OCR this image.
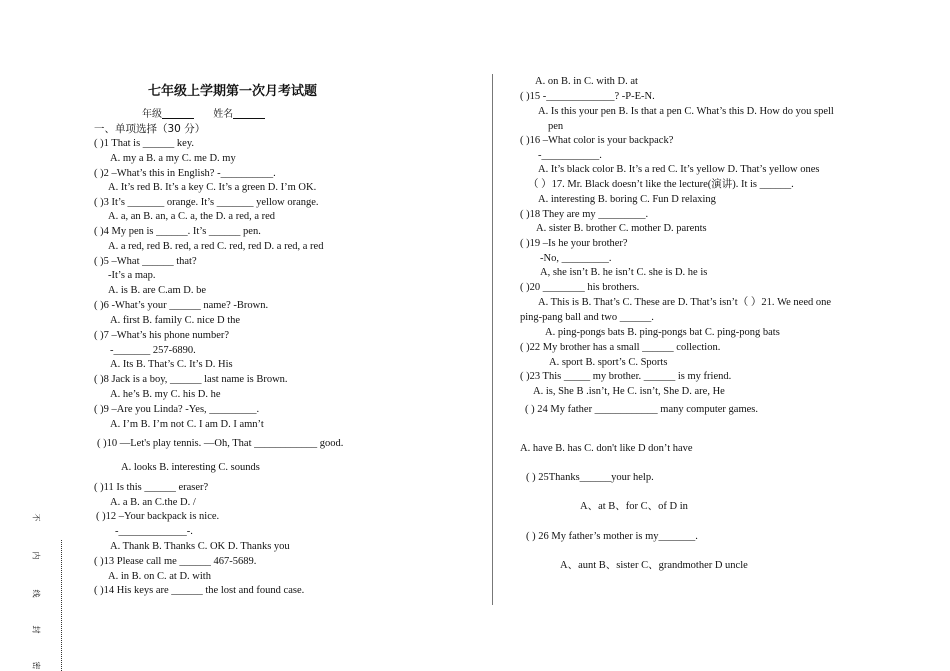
七年级上学期第一次月考试题
年级	姓名
一、单项选择（30 分）
( )1 That is ______ key.
A. my a B. a my C. me D. my
( )2 –What’s this in English? -__________.
A. It’s red B. It’s a key C. It’s a green D. I’m OK.
( )3 It’s _______ orange. It’s _______ yellow orange.
A. a, an B. an, a C. a, the D. a red, a red
( )4 My pen is ______. It’s ______ pen.
A. a red, red B. red, a red C. red, red D. a red, a red
( )5 –What ______ that?
-It’s a map.
A. is B. are C.am D. be
( )6 -What’s your ______ name? -Brown.
A. first B. family C. nice D the
( )7 –What’s his phone number?
-_______ 257-6890.
A. Its B. That’s C. It’s D. His
( )8 Jack is a boy, ______ last name is Brown.
A. he’s B. my C. his D. he
( )9 –Are you Linda? -Yes, _________.
A. I’m B. I’m not C. I am D. I amn’t
( )10 —Let's play tennis. —Oh, That ____________ good.
A. looks B. interesting C. sounds
( )11 Is this ______ eraser?
A. a B. an C.the D. /
( )12 –Your backpack is nice.
-_____________-.
A. Thank B. Thanks C. OK D. Thanks you
( )13 Please call me ______ 467-5689.
A. in B. on C. at D. with
( )14 His keys are ______ the lost and found case.
A. on B. in C. with D. at
( )15 -_____________? -P-E-N.
A. Is this your pen B. Is that a pen C. What’s this D. How do you spell
pen
( )16 –What color is your backpack?
-___________.
A. It’s black color B. It’s a red C. It’s yellow D. That’s yellow ones
（ ）17. Mr. Black doesn’t like the lecture(演讲). It is ______.
A. interesting B. boring C. Fun D relaxing
( )18 They are my _________.
A. sister B. brother C. mother D. parents
( )19 –Is he your brother?
-No, _________.
A, she isn’t B. he isn’t C. she is D. he is
( )20 ________ his brothers.
A. This is B. That’s C. These are D. That’s isn’t（ ）21. We need one
ping-pang ball and two ______.
A. ping-pongs bats B. ping-pongs bat C. ping-pong bats
( )22 My brother has a small ______ collection.
A. sport B. sport’s C. Sports
( )23 This _____ my brother. ______ is my friend.
A. is, She B .isn’t, He C. isn’t, She D. are, He
( ) 24 My father ____________ many computer games.
A. have B. has C. don't like D don’t have
( ) 25Thanks______your help.
A、at B、for C、of D in
( ) 26 My father’s mother is my_______.
A、aunt B、sister C、grandmother D uncle
不
内
线
封
密
